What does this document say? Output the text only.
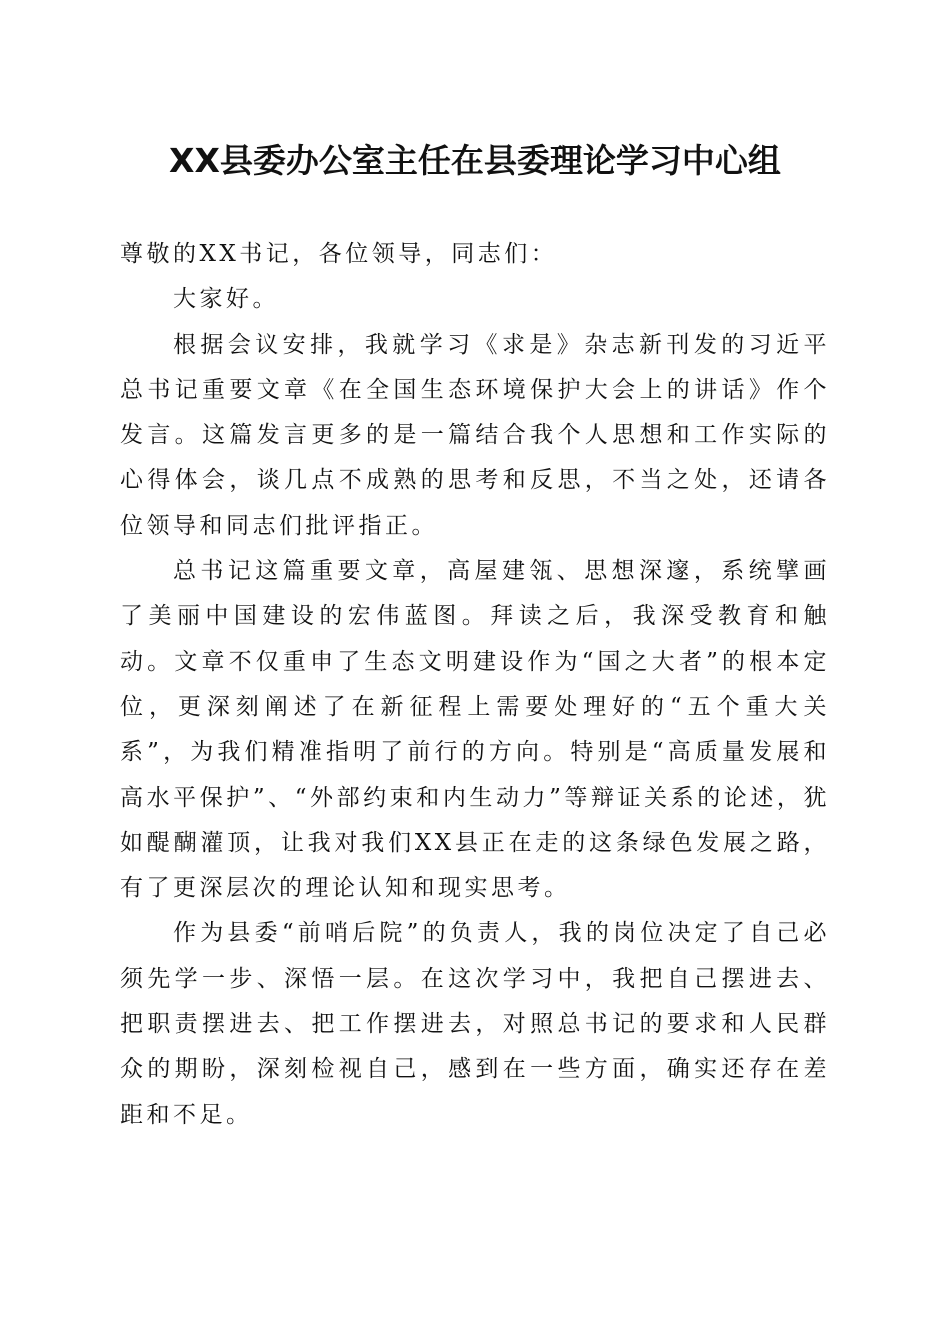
XX县委办公室主任在县委理论学习中心组

尊敬的XX书记，各位领导，同志们：

大家好。

根据会议安排，我就学习《求是》杂志新刊发的习近平总书记重要文章《在全国生态环境保护大会上的讲话》作个发言。这篇发言更多的是一篇结合我个人思想和工作实际的心得体会，谈几点不成熟的思考和反思，不当之处，还请各位领导和同志们批评指正。

总书记这篇重要文章，高屋建瓴、思想深邃，系统擘画了美丽中国建设的宏伟蓝图。拜读之后，我深受教育和触动。文章不仅重申了生态文明建设作为“国之大者”的根本定位，更深刻阐述了在新征程上需要处理好的“五个重大关系”，为我们精准指明了前行的方向。特别是“高质量发展和高水平保护”、“外部约束和内生动力”等辩证关系的论述，犹如醍醐灌顶，让我对我们XX县正在走的这条绿色发展之路，有了更深层次的理论认知和现实思考。

作为县委“前哨后院”的负责人，我的岗位决定了自己必须先学一步、深悟一层。在这次学习中，我把自己摆进去、把职责摆进去、把工作摆进去，对照总书记的要求和人民群众的期盼，深刻检视自己，感到在一些方面，确实还存在差距和不足。
